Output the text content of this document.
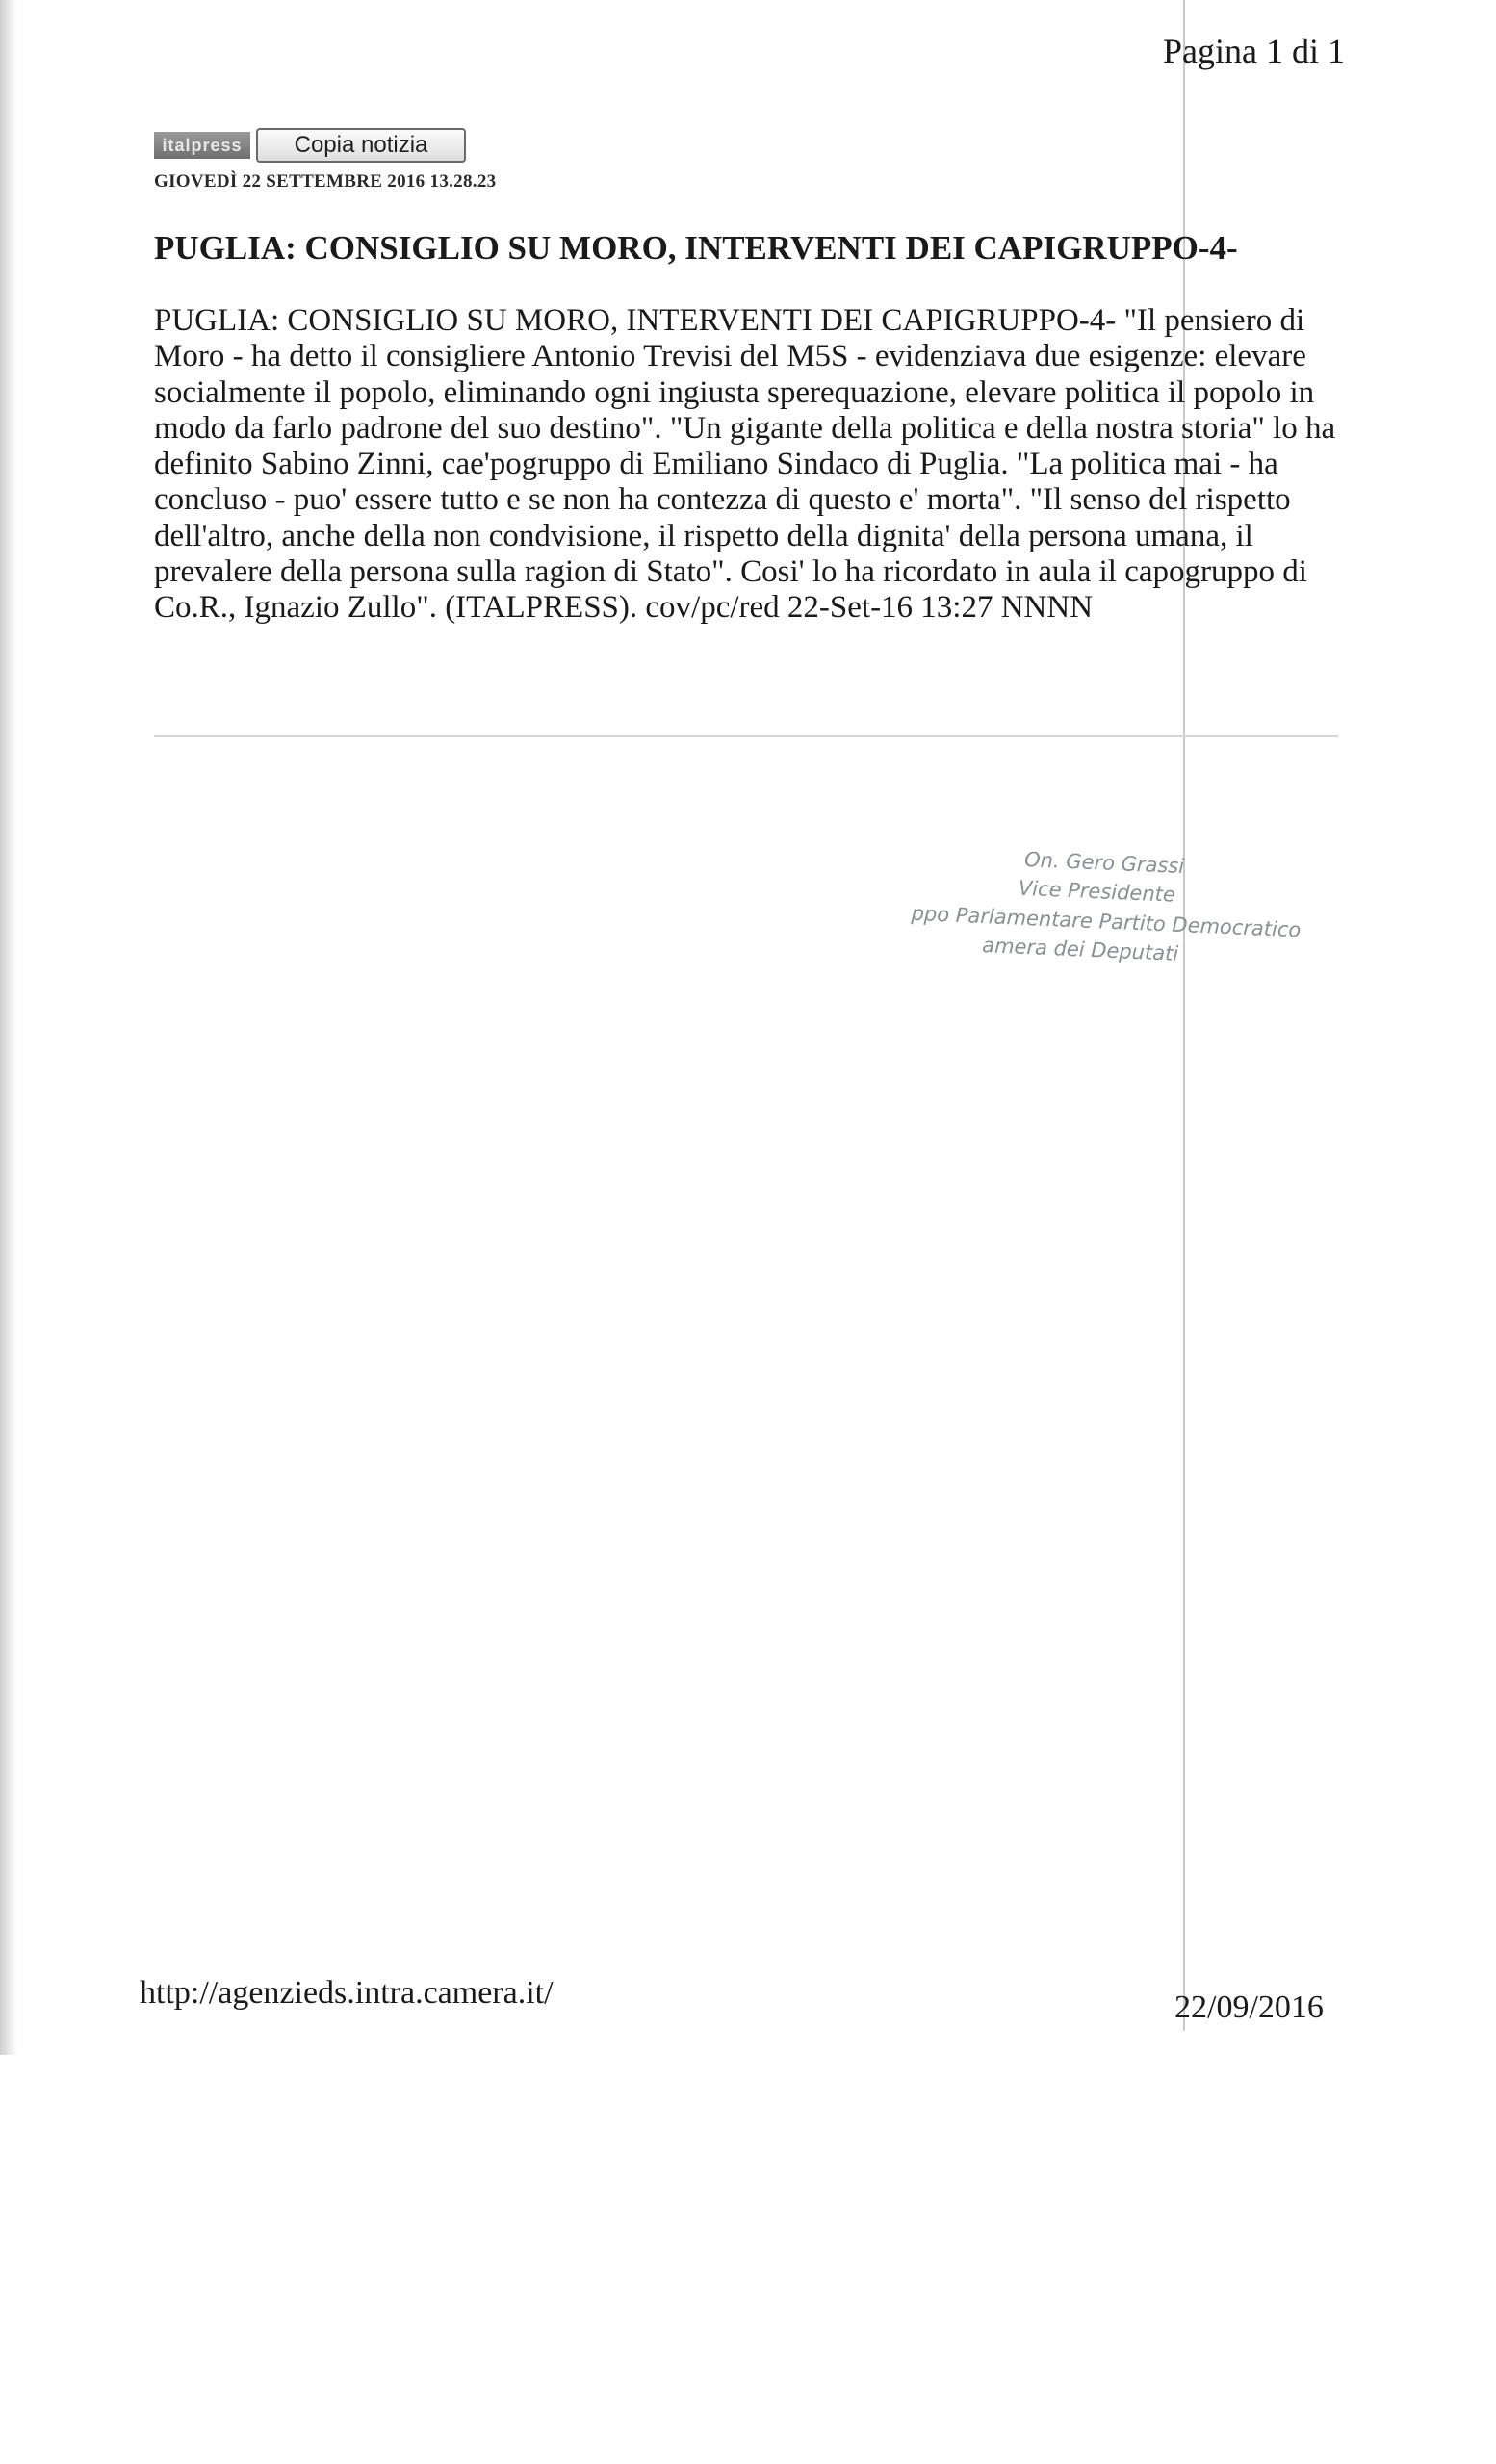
Pagina 1 di 1
italpress	Copia notizia
GIOVEDÌ 22 SETTEMBRE 2016 13.28.23
PUGLIA: CONSIGLIO SU MORO, INTERVENTI DEI CAPIGRUPPO-4-

PUGLIA: CONSIGLIO SU MORO, INTERVENTI DEI CAPIGRUPPO-4- "Il pensiero di Moro - ha detto il consigliere Antonio Trevisi del M5S - evidenziava due esigenze: elevare socialmente il popolo, eliminando ogni ingiusta sperequazione, elevare politica il popolo in modo da farlo padrone del suo destino". "Un gigante della politica e della nostra storia" lo ha definito Sabino Zinni, cae'pogruppo di Emiliano Sindaco di Puglia. "La politica mai - ha concluso - puo' essere tutto e se non ha contezza di questo e' morta". "Il senso del rispetto dell'altro, anche della non condvisione, il rispetto della dignita' della persona umana, il prevalere della persona sulla ragion di Stato". Cosi' lo ha ricordato in aula il capogruppo di Co.R., Ignazio Zullo". (ITALPRESS). cov/pc/red 22-Set-16 13:27 NNNN

On. Gero Grassi
Vice Presidente
ppo Parlamentare Partito Democratico
amera dei Deputati
http://agenzieds.intra.camera.it/	22/09/2016
